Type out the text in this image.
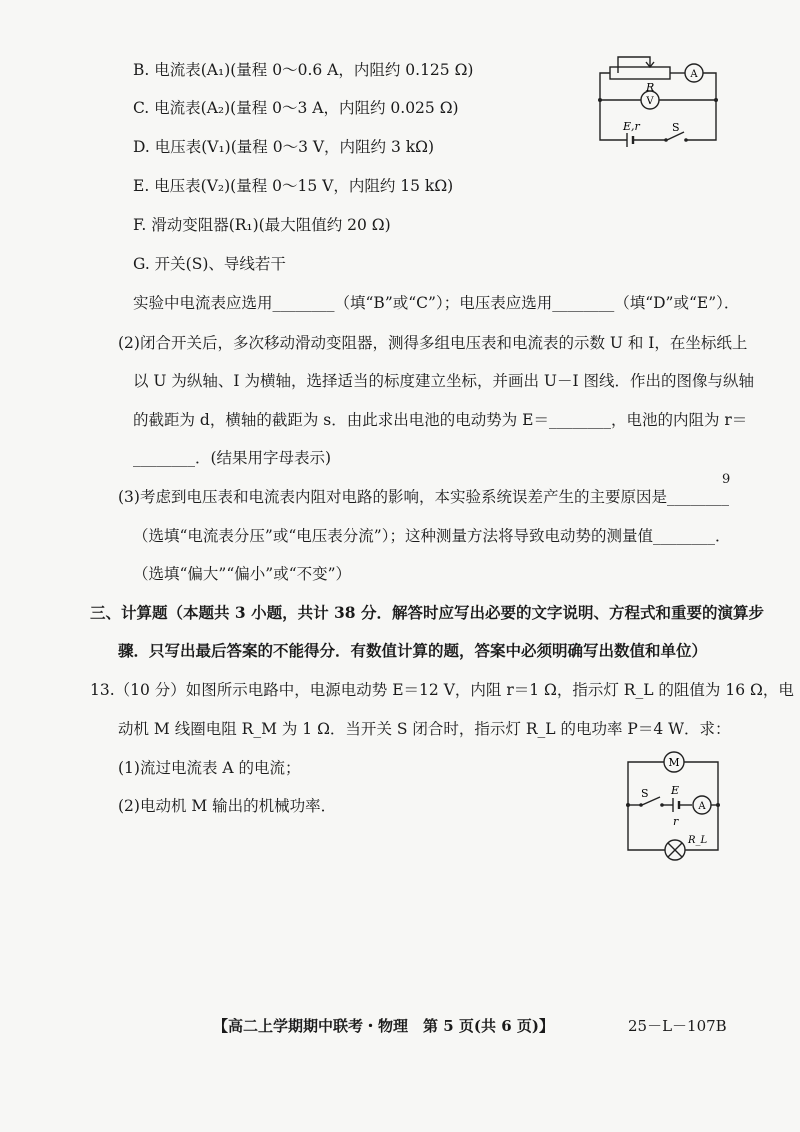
B. 电流表(A₁)(量程 0～0.6 A，内阻约 0.125 Ω)
C. 电流表(A₂)(量程 0～3 A，内阻约 0.025 Ω)
D. 电压表(V₁)(量程 0～3 V，内阻约 3 kΩ)
E. 电压表(V₂)(量程 0～15 V，内阻约 15 kΩ)
F. 滑动变阻器(R₁)(最大阻值约 20 Ω)
G. 开关(S)、导线若干
实验中电流表应选用________（填“B”或“C”）；电压表应选用________（填“D”或“E”）．
(2)闭合开关后，多次移动滑动变阻器，测得多组电压表和电流表的示数 U 和 I，在坐标纸上
以 U 为纵轴、I 为横轴，选择适当的标度建立坐标，并画出 U－I 图线．作出的图像与纵轴
的截距为 d，横轴的截距为 s．由此求出电池的电动势为 E＝________，电池的内阻为 r＝
________．(结果用字母表示)
9
(3)考虑到电压表和电流表内阻对电路的影响，本实验系统误差产生的主要原因是________
（选填“电流表分压”或“电压表分流”）；这种测量方法将导致电动势的测量值________．
（选填“偏大”“偏小”或“不变”）
三、计算题（本题共 3 小题，共计 38 分．解答时应写出必要的文字说明、方程式和重要的演算步
骤．只写出最后答案的不能得分．有数值计算的题，答案中必须明确写出数值和单位）
13.（10 分）如图所示电路中，电源电动势 E＝12 V，内阻 r＝1 Ω，指示灯 R_L 的阻值为 16 Ω，电
动机 M 线圈电阻 R_M 为 1 Ω．当开关 S 闭合时，指示灯 R_L 的电功率 P＝4 W．求：
(1)流过电流表 A 的电流；
(2)电动机 M 输出的机械功率．
R
A
V
E,r	S
M
S E
r
A
R_L
【高二上学期期中联考・物理　第 5 页(共 6 页)】	25－L－107B
